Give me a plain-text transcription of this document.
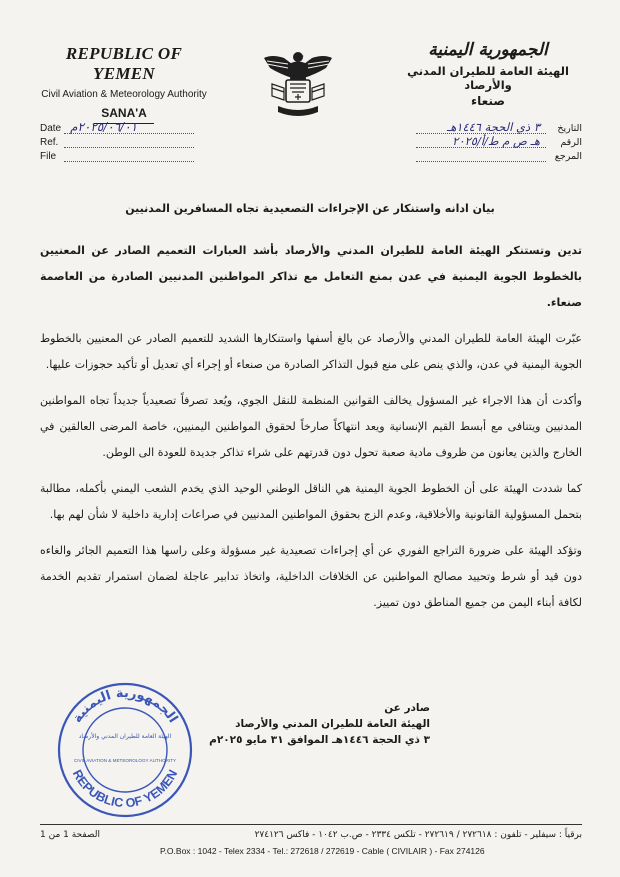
REPUBLIC OF YEMEN
Civil Aviation & Meteorology Authority
SANA'A
الجمهورية اليمنية
الهيئة العامة للطيران المدني والأرصاد
صنعاء
Date ٢٠٢٥/٠٦/٠١م
Ref.
File
التاريخ
٣ ذي الحجة ١٤٤٦هـ
الرقم
هـ ص م ط/أ/٢٠٢٥
المرجع
بيان ادانه واستنكار عن الإجراءات التصعيدية تجاه المسافرين المدنيين

تدين وتستنكر الهيئة العامة للطيران المدني والأرصاد بأشد العبارات التعميم الصادر عن المعنيين بالخطوط الجوية اليمنية في عدن بمنع التعامل مع تذاكر المواطنين المدنيين الصادرة من العاصمة صنعاء.

عبّرت الهيئة العامة للطيران المدني والأرصاد عن بالغ أسفها واستنكارها الشديد للتعميم الصادر عن المعنيين بالخطوط الجوية اليمنية في عدن، والذي ينص على منع قبول التذاكر الصادرة من صنعاء أو إجراء أي تعديل أو تأكيد حجوزات عليها.

وأكدت أن هذا الاجراء غير المسؤول يخالف القوانين المنظمة للنقل الجوي، ويُعد تصرفاً تصعيدياً جديداً تجاه المواطنين المدنيين ويتنافى مع أبسط القيم الإنسانية ويعد انتهاكاً صارخاً لحقوق المواطنين اليمنيين، خاصة المرضى العالقين في الخارج والذين يعانون من ظروف مادية صعبة تحول دون قدرتهم على شراء تذاكر جديدة للعودة الى الوطن.

كما شددت الهيئة على أن الخطوط الجوية اليمنية هي الناقل الوطني الوحيد الذي يخدم الشعب اليمني بأكمله، مطالبة بتحمل المسؤولية القانونية والأخلاقية، وعدم الزج بحقوق المواطنين المدنيين في صراعات إدارية داخلية لا شأن لهم بها.

وتؤكد الهيئة على ضرورة التراجع الفوري عن أي إجراءات تصعيدية غير مسؤولة وعلى راسها هذا التعميم الجائر والغاءه دون قيد أو شرط وتحييد مصالح المواطنين عن الخلافات الداخلية، واتخاذ تدابير عاجلة لضمان استمرار تقديم الخدمة لكافة أبناء اليمن من جميع المناطق دون تمييز.

الجمهورية اليمنية
REPUBLIC OF YEMEN
الهيئة العامة للطيران المدني والأرصاد
CIVIL AVIATION & METEOROLOGY AUTHORITY
صادر عن
الهيئة العامة للطيران المدني والأرصاد
٣ ذي الحجة ١٤٤٦هـ الموافق ٣١ مايو ٢٠٢٥م
برقياً : سيفلير - تلفون : ٢٧٢٦١٨ / ٢٧٢٦١٩ - تلكس ٢٣٣٤ - ص.ب ١٠٤٢ - فاكس ٢٧٤١٢٦
P.O.Box : 1042 - Telex 2334 - Tel.: 272618 / 272619 - Cable ( CIVILAIR ) - Fax 274126
الصفحة 1 من 1
